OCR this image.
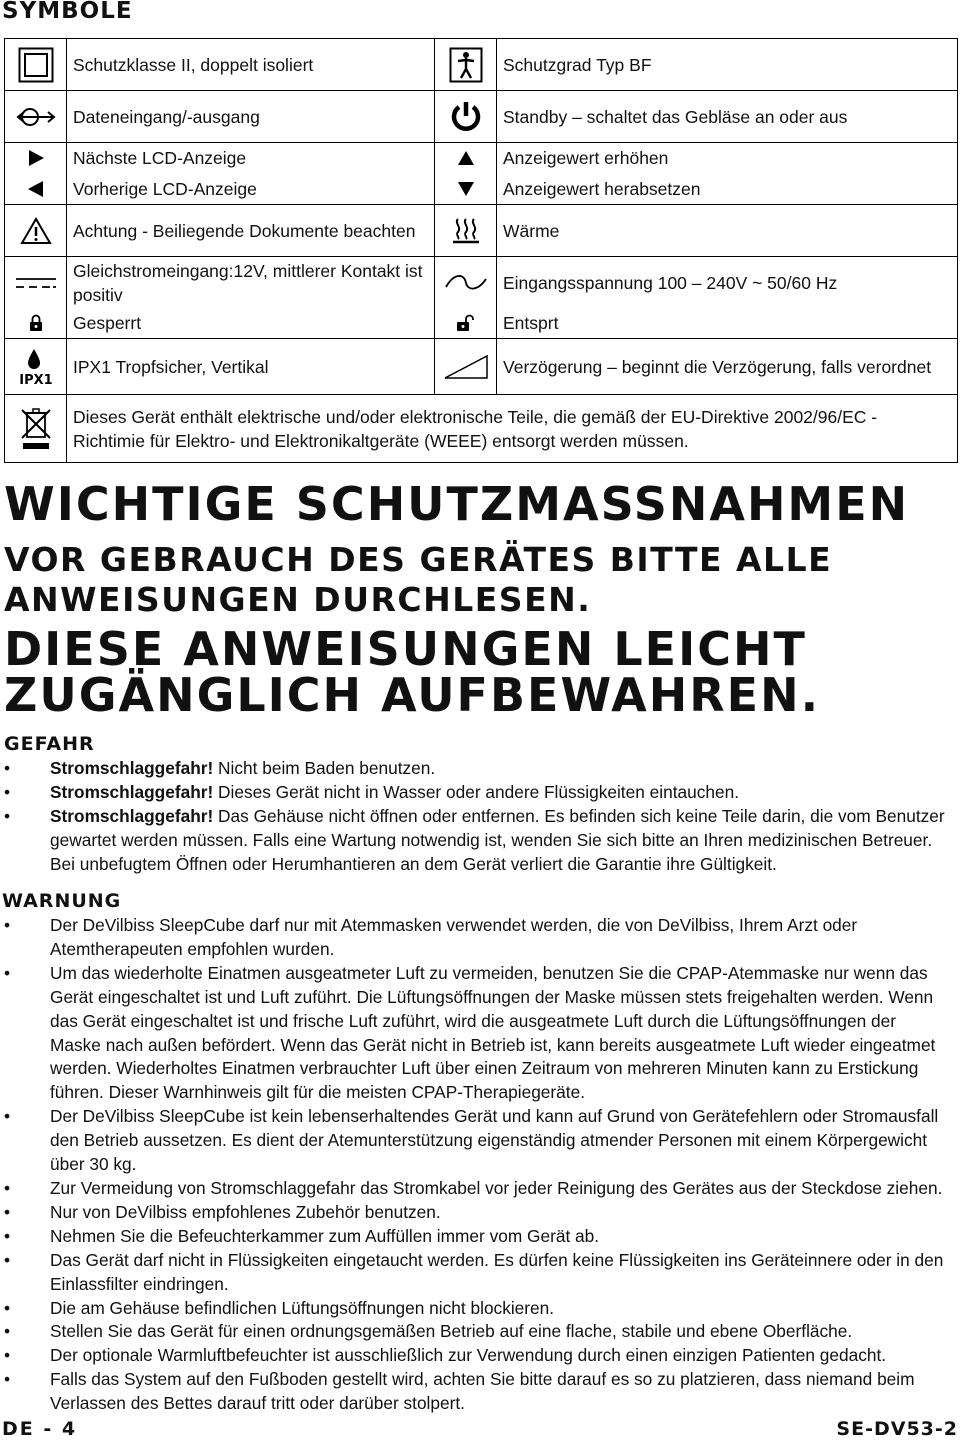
SYMBOLE
	Schutzklasse II, doppelt isoliert		Schutzgrad Typ BF

	Dateneingang/-ausgang		Standby – schaltet das Gebläse an oder aus

	Nächste LCD-Anzeige		Anzeigewert erhöhen

	Vorherige LCD-Anzeige		Anzeigewert herabsetzen

	Achtung - Beiliegende Dokumente beachten		Wärme

	Gleichstromeingang:12V, mittlerer Kontakt ist positiv		Eingangsspannung 100 – 240V ~ 50/60 Hz

	Gesperrt		Entsprt

IPX1	IPX1 Tropfsicher, Vertikal		Verzögerung – beginnt die Verzögerung, falls verordnet

	Dieses Gerät enthält elektrische und/oder elektronische Teile, die gemäß der EU-Direktive 2002/96/EC - Richtimie für Elektro- und Elektronikaltgeräte (WEEE) entsorgt werden müssen.		
WICHTIGE SCHUTZMASSNAHMEN
VOR GEBRAUCH DES GERÄTES BITTE ALLE ANWEISUNGEN DURCHLESEN.
DIESE ANWEISUNGEN LEICHT ZUGÄNGLICH AUFBEWAHREN.
GEFAHR
• Stromschlaggefahr! Nicht beim Baden benutzen.
• Stromschlaggefahr! Dieses Gerät nicht in Wasser oder andere Flüssigkeiten eintauchen.
• Stromschlaggefahr! Das Gehäuse nicht öffnen oder entfernen. Es befinden sich keine Teile darin, die vom Benutzer gewartet werden müssen. Falls eine Wartung notwendig ist, wenden Sie sich bitte an Ihren medizinischen Betreuer. Bei unbefugtem Öffnen oder Herumhantieren an dem Gerät verliert die Garantie ihre Gültigkeit.
WARNUNG
• Der DeVilbiss SleepCube darf nur mit Atemmasken verwendet werden, die von DeVilbiss, Ihrem Arzt oder Atemtherapeuten empfohlen wurden.
• Um das wiederholte Einatmen ausgeatmeter Luft zu vermeiden, benutzen Sie die CPAP-Atemmaske nur wenn das Gerät eingeschaltet ist und Luft zuführt. Die Lüftungsöffnungen der Maske müssen stets freigehalten werden. Wenn das Gerät eingeschaltet ist und frische Luft zuführt, wird die ausgeatmete Luft durch die Lüftungsöffnungen der Maske nach außen befördert. Wenn das Gerät nicht in Betrieb ist, kann bereits ausgeatmete Luft wieder eingeatmet werden. Wiederholtes Einatmen verbrauchter Luft über einen Zeitraum von mehreren Minuten kann zu Erstickung führen. Dieser Warnhinweis gilt für die meisten CPAP-Therapiegeräte.
• Der DeVilbiss SleepCube ist kein lebenserhaltendes Gerät und kann auf Grund von Gerätefehlern oder Stromausfall den Betrieb aussetzen. Es dient der Atemunterstützung eigenständig atmender Personen mit einem Körpergewicht über 30 kg.
• Zur Vermeidung von Stromschlaggefahr das Stromkabel vor jeder Reinigung des Gerätes aus der Steckdose ziehen.
• Nur von DeVilbiss empfohlenes Zubehör benutzen.
• Nehmen Sie die Befeuchterkammer zum Auffüllen immer vom Gerät ab.
• Das Gerät darf nicht in Flüssigkeiten eingetaucht werden. Es dürfen keine Flüssigkeiten ins Geräteinnere oder in den Einlassfilter eindringen.
• Die am Gehäuse befindlichen Lüftungsöffnungen nicht blockieren.
• Stellen Sie das Gerät für einen ordnungsgemäßen Betrieb auf eine flache, stabile und ebene Oberfläche.
• Der optionale Warmluftbefeuchter ist ausschließlich zur Verwendung durch einen einzigen Patienten gedacht.
• Falls das System auf den Fußboden gestellt wird, achten Sie bitte darauf es so zu platzieren, dass niemand beim Verlassen des Bettes darauf tritt oder darüber stolpert.
DE - 4	SE-DV53-2
